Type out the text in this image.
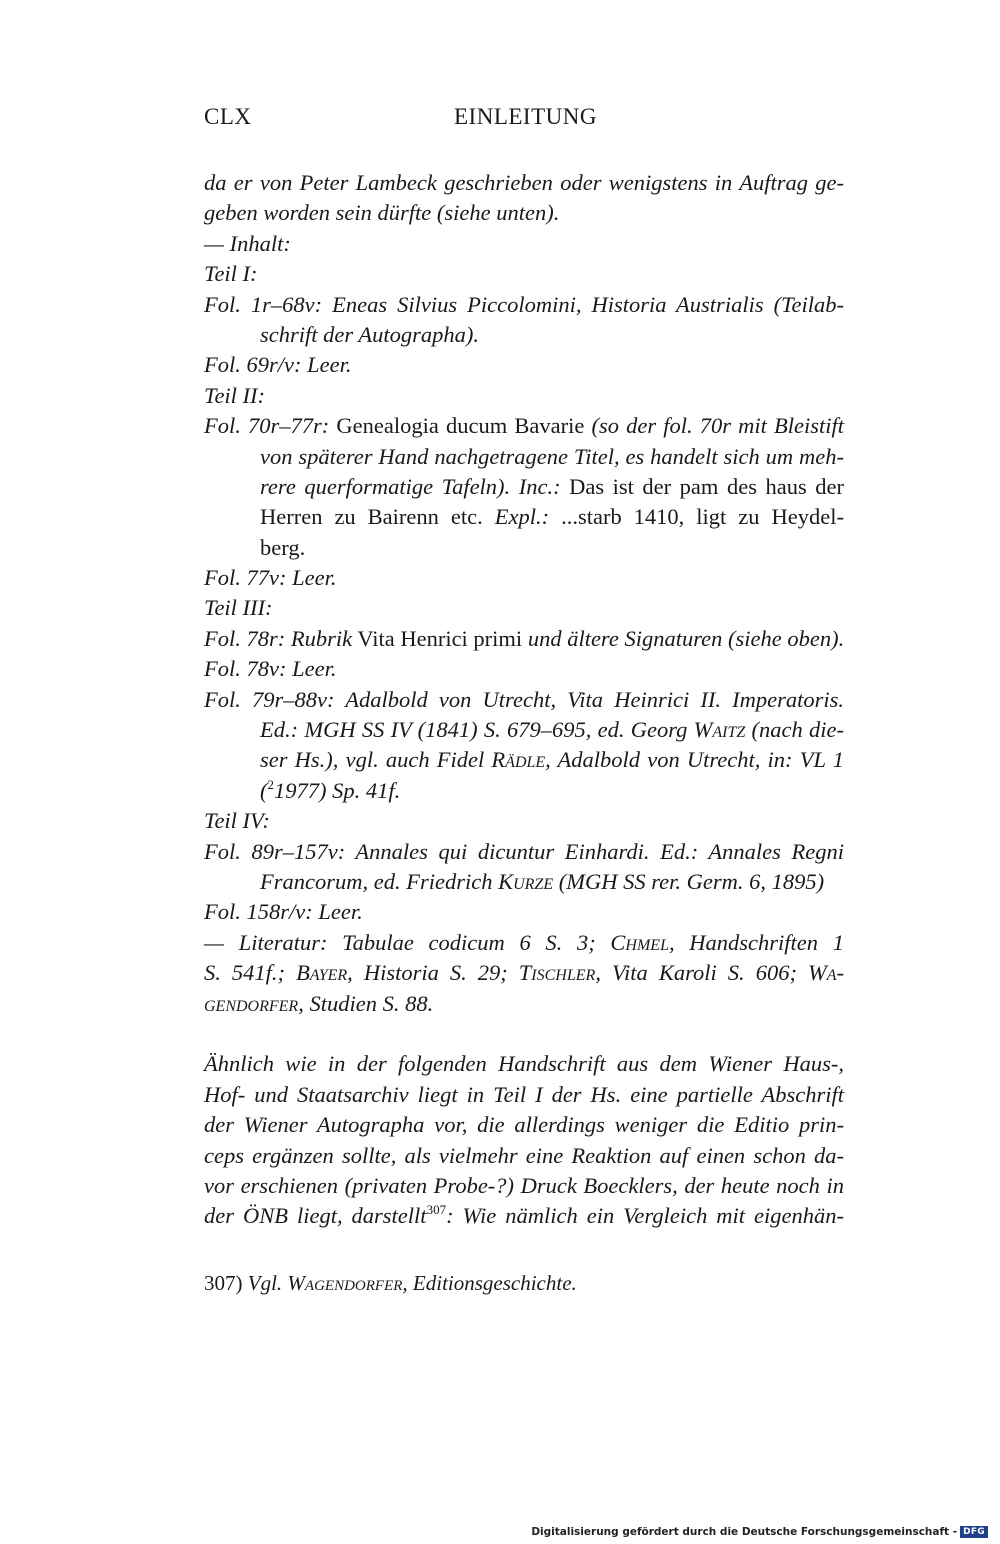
CLX	EINLEITUNG
da er von Peter Lambeck geschrieben oder wenigstens in Auftrag ge-
geben worden sein dürfte (siehe unten).
— Inhalt:
Teil I:
Fol. 1r–68v: Eneas Silvius Piccolomini, Historia Austrialis (Teilab-
schrift der Autographa).
Fol. 69r/v: Leer.
Teil II:
Fol. 70r–77r: Genealogia ducum Bavarie (so der fol. 70r mit Bleistift
von späterer Hand nachgetragene Titel, es handelt sich um meh-
rere querformatige Tafeln). Inc.: Das ist der pam des haus der
Herren zu Bairenn etc. Expl.: ...starb 1410, ligt zu Heydel-
berg.
Fol. 77v: Leer.
Teil III:
Fol. 78r: Rubrik Vita Henrici primi und ältere Signaturen (siehe oben).
Fol. 78v: Leer.
Fol. 79r–88v: Adalbold von Utrecht, Vita Heinrici II. Imperatoris.
Ed.: MGH SS IV (1841) S. 679–695, ed. Georg Waitz (nach die-
ser Hs.), vgl. auch Fidel Rädle, Adalbold von Utrecht, in: VL 1
($^2$1977) Sp. 41f.
Teil IV:
Fol. 89r–157v: Annales qui dicuntur Einhardi. Ed.: Annales Regni
Francorum, ed. Friedrich Kurze (MGH SS rer. Germ. 6, 1895)
Fol. 158r/v: Leer.
— Literatur: Tabulae codicum 6 S. 3; Chmel, Handschriften 1
S. 541f.; Bayer, Historia S. 29; Tischler, Vita Karoli S. 606; Wa-
gendorfer, Studien S. 88.
Ähnlich wie in der folgenden Handschrift aus dem Wiener Haus-,
Hof- und Staatsarchiv liegt in Teil I der Hs. eine partielle Abschrift
der Wiener Autographa vor, die allerdings weniger die Editio prin-
ceps ergänzen sollte, als vielmehr eine Reaktion auf einen schon da-
vor erschienen (privaten Probe-?) Druck Boecklers, der heute noch in
der ÖNB liegt, darstellt$^{307}$: Wie nämlich ein Vergleich mit eigenhän-
307) Vgl. Wagendorfer, Editionsgeschichte.
Digitalisierung gefördert durch die Deutsche Forschungsgemeinschaft - DFG
